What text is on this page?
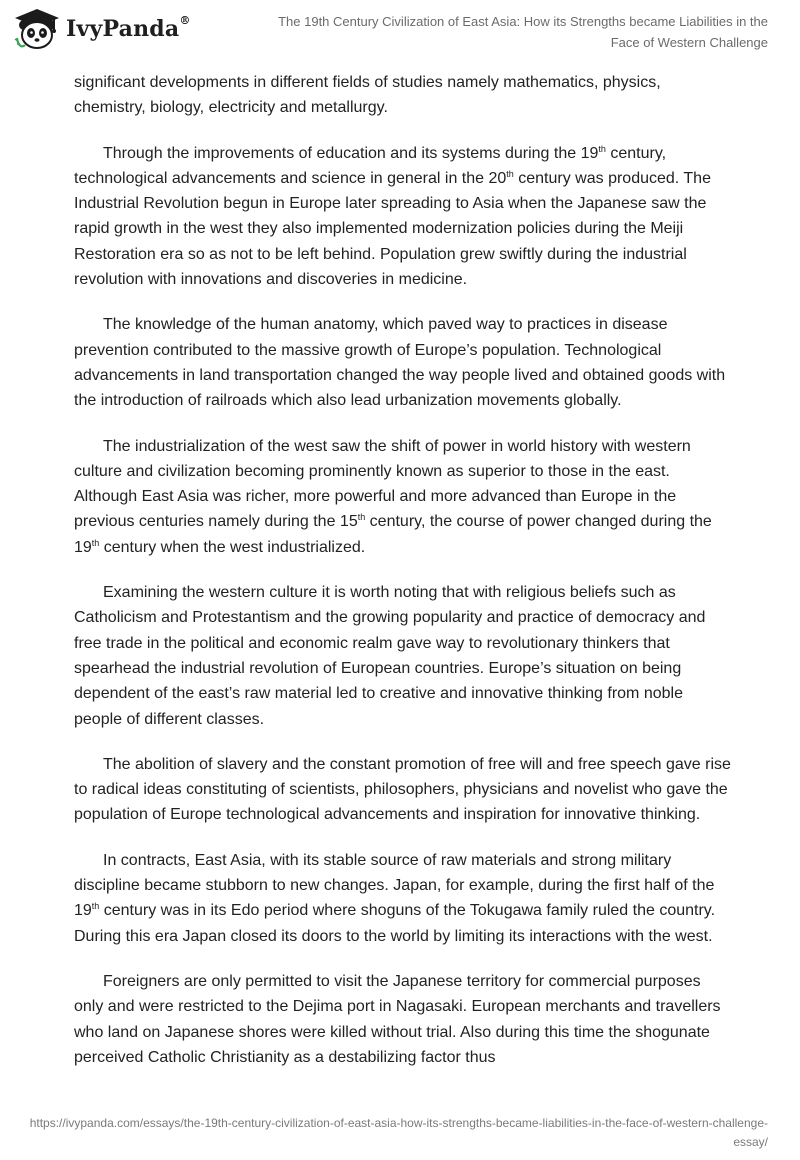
IvyPanda®	The 19th Century Civilization of East Asia: How its Strengths became Liabilities in the Face of Western Challenge

significant developments in different fields of studies namely mathematics, physics, chemistry, biology, electricity and metallurgy.

Through the improvements of education and its systems during the 19th century, technological advancements and science in general in the 20th century was produced. The Industrial Revolution begun in Europe later spreading to Asia when the Japanese saw the rapid growth in the west they also implemented modernization policies during the Meiji Restoration era so as not to be left behind. Population grew swiftly during the industrial revolution with innovations and discoveries in medicine.

The knowledge of the human anatomy, which paved way to practices in disease prevention contributed to the massive growth of Europe’s population. Technological advancements in land transportation changed the way people lived and obtained goods with the introduction of railroads which also lead urbanization movements globally.

The industrialization of the west saw the shift of power in world history with western culture and civilization becoming prominently known as superior to those in the east. Although East Asia was richer, more powerful and more advanced than Europe in the previous centuries namely during the 15th century, the course of power changed during the 19th century when the west industrialized.

Examining the western culture it is worth noting that with religious beliefs such as Catholicism and Protestantism and the growing popularity and practice of democracy and free trade in the political and economic realm gave way to revolutionary thinkers that spearhead the industrial revolution of European countries. Europe’s situation on being dependent of the east’s raw material led to creative and innovative thinking from noble people of different classes.

The abolition of slavery and the constant promotion of free will and free speech gave rise to radical ideas constituting of scientists, philosophers, physicians and novelist who gave the population of Europe technological advancements and inspiration for innovative thinking.

In contracts, East Asia, with its stable source of raw materials and strong military discipline became stubborn to new changes. Japan, for example, during the first half of the 19th century was in its Edo period where shoguns of the Tokugawa family ruled the country. During this era Japan closed its doors to the world by limiting its interactions with the west.

Foreigners are only permitted to visit the Japanese territory for commercial purposes only and were restricted to the Dejima port in Nagasaki. European merchants and travellers who land on Japanese shores were killed without trial. Also during this time the shogunate perceived Catholic Christianity as a destabilizing factor thus

https://ivypanda.com/essays/the-19th-century-civilization-of-east-asia-how-its-strengths-became-liabilities-in-the-face-of-western-challenge-essay/
